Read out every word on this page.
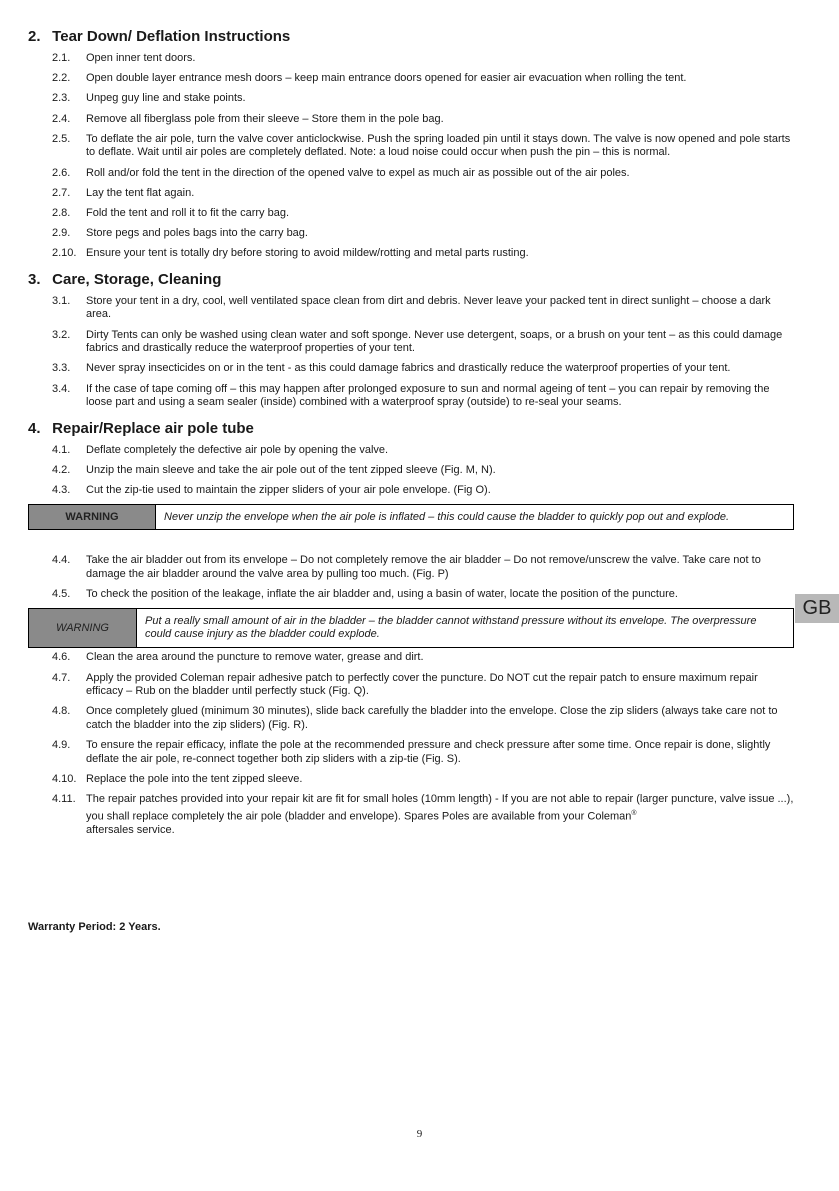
2. Tear Down/ Deflation Instructions
2.1.	Open inner tent doors.
2.2.	Open double layer entrance mesh doors – keep main entrance doors opened for easier air evacuation when rolling the tent.
2.3.	Unpeg guy line and stake points.
2.4.	Remove all fiberglass pole from their sleeve – Store them in the pole bag.
2.5.	To deflate the air pole, turn the valve cover anticlockwise. Push the spring loaded pin until it stays down. The valve is now opened and pole starts to deflate. Wait until air poles are completely deflated. Note: a loud noise could occur when push the pin – this is normal.
2.6.	Roll and/or fold the tent in the direction of the opened valve to expel as much air as possible out of the air poles.
2.7.	Lay the tent flat again.
2.8.	Fold the tent and roll it to fit the carry bag.
2.9.	Store pegs and poles bags into the carry bag.
2.10. Ensure your tent is totally dry before storing to avoid mildew/rotting and metal parts rusting.
3. Care, Storage, Cleaning
3.1.	Store your tent in a dry, cool, well ventilated space clean from dirt and debris. Never leave your packed tent in direct sunlight – choose a dark area.
3.2.	Dirty Tents can only be washed using clean water and soft sponge. Never use detergent, soaps, or a brush on your tent – as this could damage fabrics and drastically reduce the waterproof properties of your tent.
3.3.	Never spray insecticides on or in the tent - as this could damage fabrics and drastically reduce the waterproof properties of your tent.
3.4.	If the case of tape coming off – this may happen after prolonged exposure to sun and normal ageing of tent – you can repair by removing the loose part and using a seam sealer (inside) combined with a waterproof spray (outside) to re-seal your seams.
4. Repair/Replace air pole tube
4.1.	Deflate completely the defective air pole by opening the valve.
4.2.	Unzip the main sleeve and take the air pole out of the tent zipped sleeve (Fig. M, N).
4.3.	Cut the zip-tie used to maintain the zipper sliders of your air pole envelope. (Fig O).
WARNING	Never unzip the envelope when the air pole is inflated – this could cause the bladder to quickly pop out and explode.
4.4.	Take the air bladder out from its envelope – Do not completely remove the air bladder – Do not remove/unscrew the valve. Take care not to damage the air bladder around the valve area by pulling too much. (Fig. P)
4.5.	To check the position of the leakage, inflate the air bladder and, using a basin of water, locate the position of the puncture.
WARNING
Put a really small amount of air in the bladder – the bladder cannot withstand pressure without its envelope. The overpressure could cause injury as the bladder could explode.
4.6.	Clean the area around the puncture to remove water, grease and dirt.
4.7.	Apply the provided Coleman repair adhesive patch to perfectly cover the puncture. Do NOT cut the repair patch to ensure maximum repair efficacy – Rub on the bladder until perfectly stuck (Fig. Q).
4.8.	Once completely glued (minimum 30 minutes), slide back carefully the bladder into the envelope. Close the zip sliders (always take care not to catch the bladder into the zip sliders) (Fig. R).
4.9.	To ensure the repair efficacy, inflate the pole at the recommended pressure and check pressure after some time. Once repair is done, slightly deflate the air pole, re-connect together both zip sliders with a zip-tie (Fig. S).
4.10. Replace the pole into the tent zipped sleeve.
4.11. The repair patches provided into your repair kit are fit for small holes (10mm length) - If you are not able to repair (larger puncture, valve issue ...), you shall replace completely the air pole (bladder and envelope). Spares Poles are available from your Coleman®
aftersales service.
GB
Warranty Period: 2 Years.
9
